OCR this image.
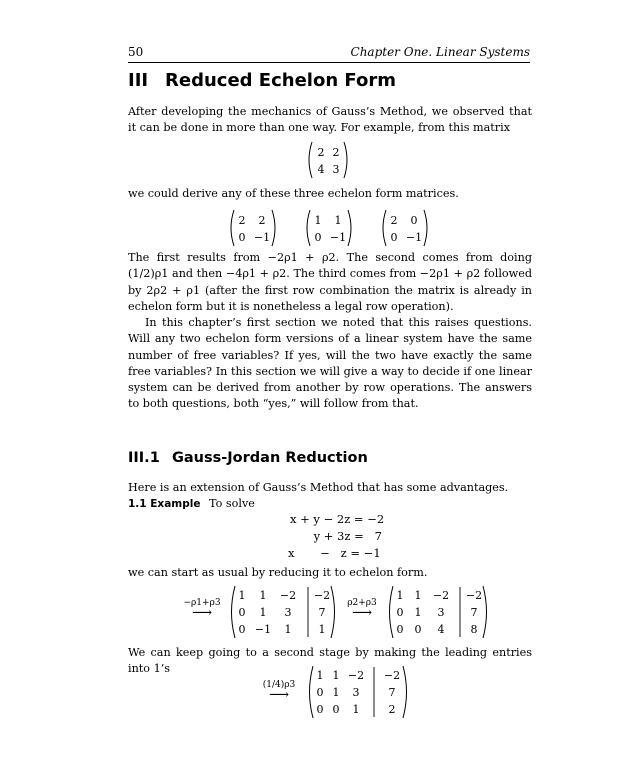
50	Chapter One. Linear Systems
III Reduced Echelon Form

After developing the mechanics of Gauss’s Method, we observed that it can be done in more than one way. For example, from this matrix

2 2
4 3

we could derive any of these three echelon form matrices.

2 2
0 −1
1 1
0 −1
2 0
0 −1

The first results from −2ρ1 + ρ2. The second comes from doing (1/2)ρ1 and then −4ρ1 + ρ2. The third comes from −2ρ1 + ρ2 followed by 2ρ2 + ρ1 (after the first row combination the matrix is already in echelon form but it is nonetheless a legal row operation).

In this chapter’s first section we noted that this raises questions. Will any two echelon form versions of a linear system have the same number of free variables? If yes, will the two have exactly the same free variables? In this section we will give a way to decide if one linear system can be derived from another by row operations. The answers to both questions, both “yes,” will follow from that.

III.1 Gauss-Jordan Reduction

Here is an extension of Gauss’s Method that has some advantages.

1.1 Example To solve
x + y − 2z = −2
y + 3z =   7
x       −   z = −1

we can start as usual by reducing it to echelon form.

−ρ1+ρ3
⟶
1 1 −2 −2
0 1 3 7
0 −1 1 1
ρ2+ρ3
⟶
1 1 −2 −2
0 1 3 7
0 0 4 8

We can keep going to a second stage by making the leading entries into 1’s

(1/4)ρ3
⟶
1 1 −2 −2
0 1 3	7
0 0 1	2
